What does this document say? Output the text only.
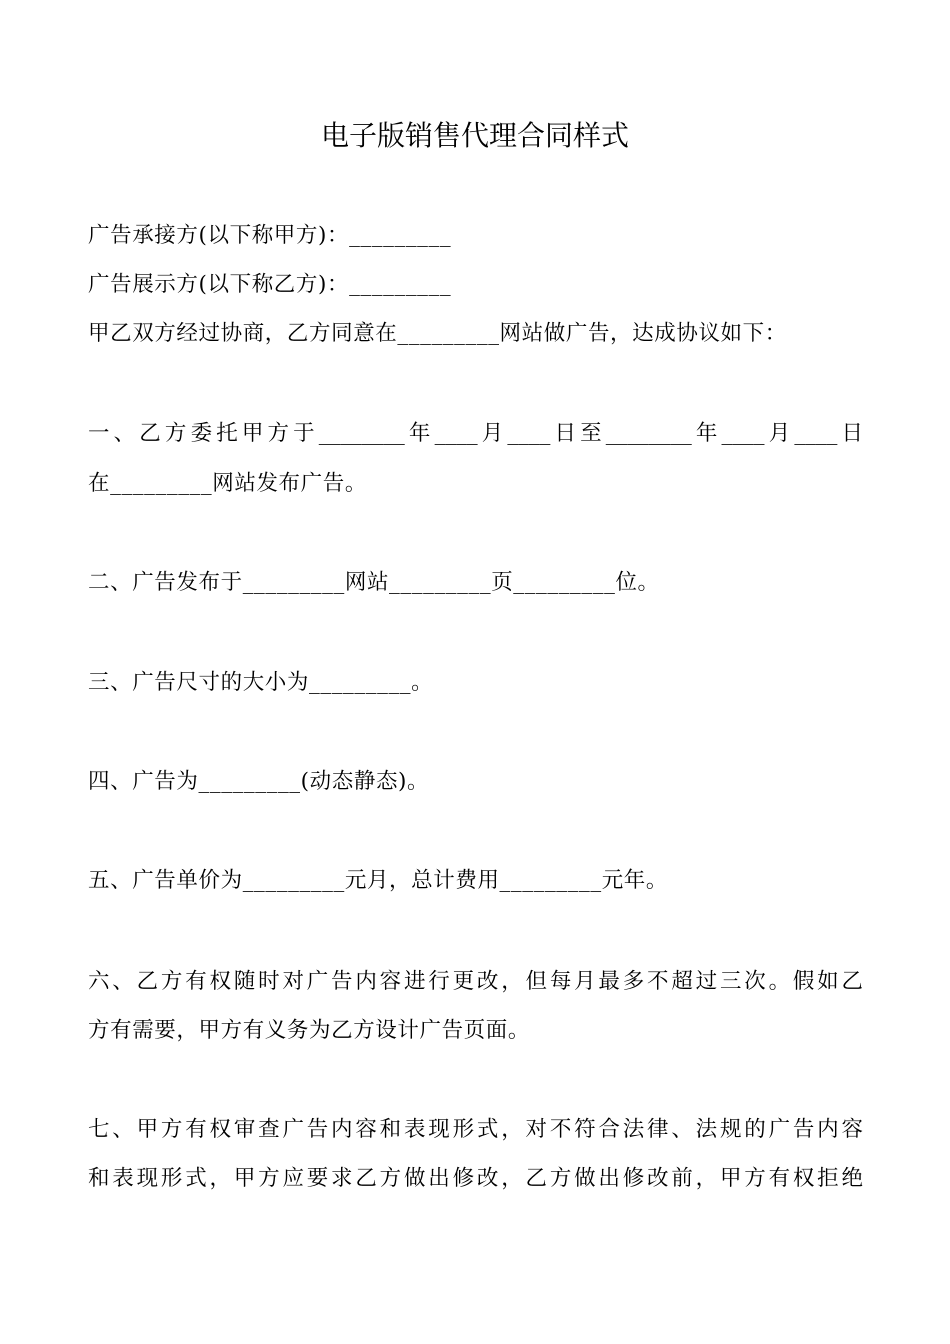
电子版销售代理合同样式
广告承接方(以下称甲方)：_________
广告展示方(以下称乙方)：_________
甲乙双方经过协商，乙方同意在_________网站做广告，达成协议如下：
一、乙方委托甲方于________年____月____日至________年____月____日
在_________网站发布广告。
二、广告发布于_________网站_________页_________位。
三、广告尺寸的大小为_________。
四、广告为_________(动态静态)。
五、广告单价为_________元月，总计费用_________元年。
六、乙方有权随时对广告内容进行更改，但每月最多不超过三次。假如乙
方有需要，甲方有义务为乙方设计广告页面。
七、甲方有权审查广告内容和表现形式，对不符合法律、法规的广告内容
和表现形式，甲方应要求乙方做出修改，乙方做出修改前，甲方有权拒绝
